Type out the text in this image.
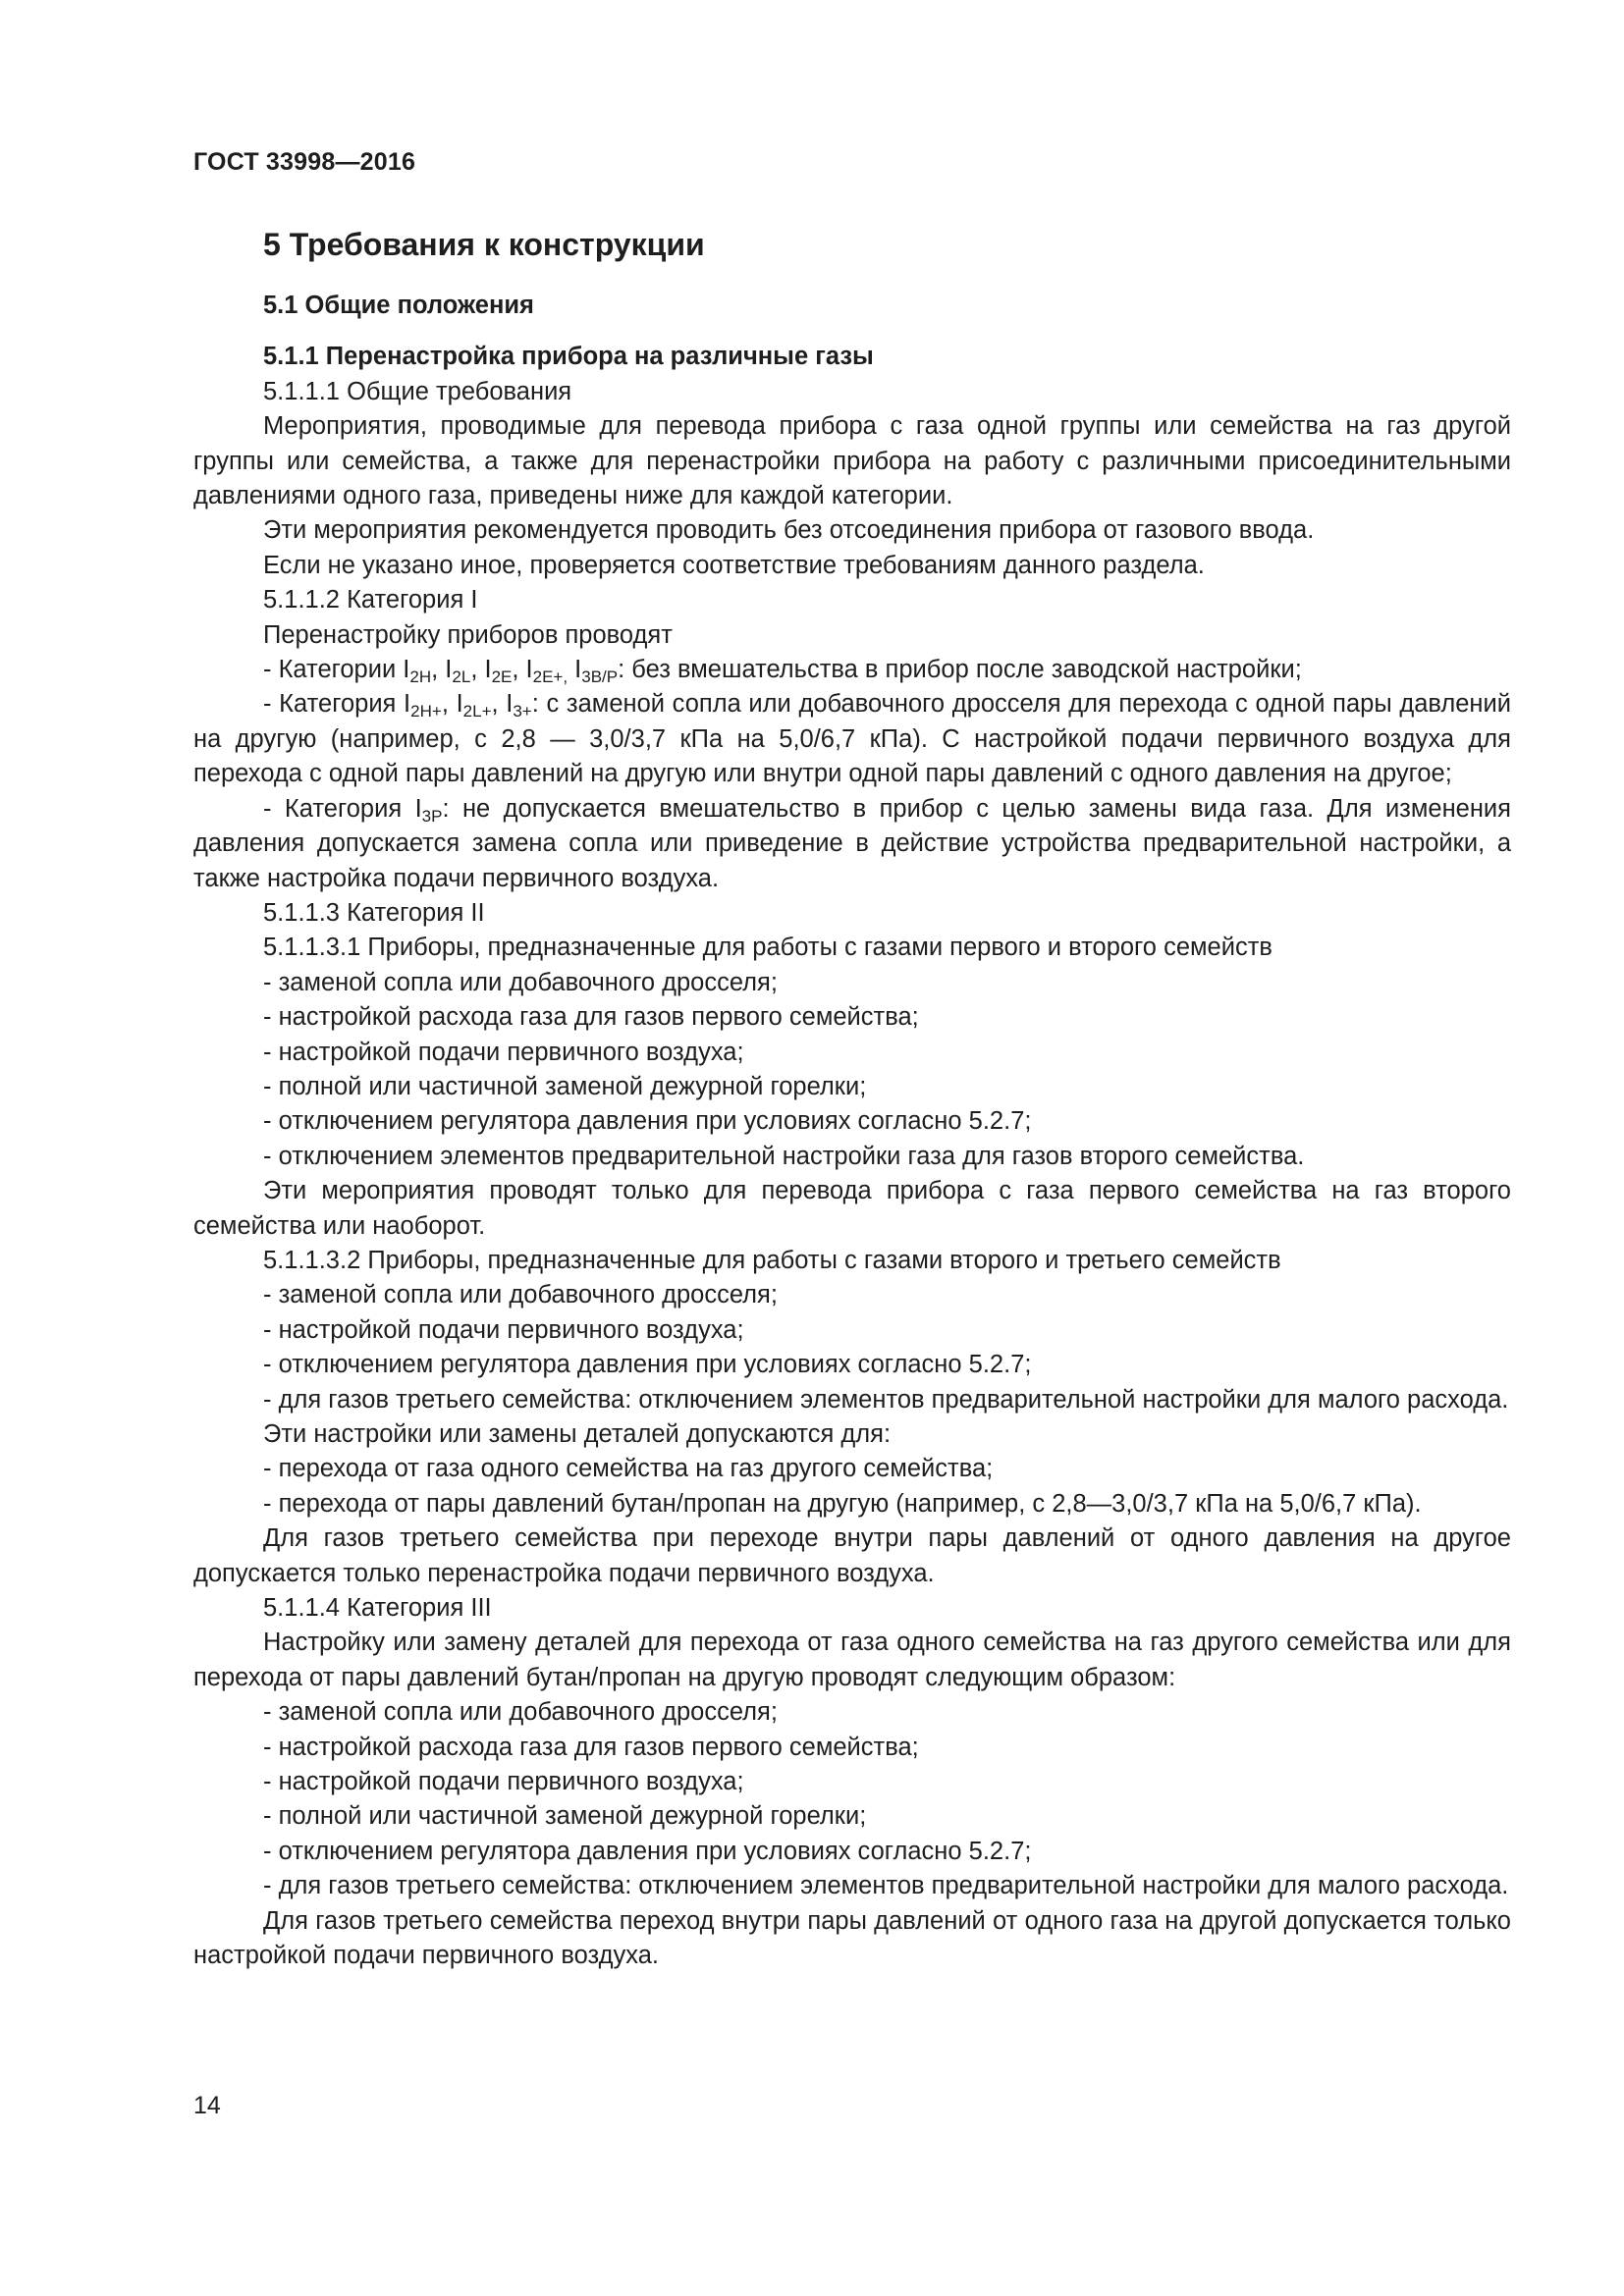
ГОСТ 33998—2016
5 Требования к конструкции
5.1 Общие положения
5.1.1 Перенастройка прибора на различные газы

5.1.1.1 Общие требования

Мероприятия, проводимые для перевода прибора с газа одной группы или семейства на газ другой группы или семейства, а также для перенастройки прибора на работу с различными присоединительными давлениями одного газа, приведены ниже для каждой категории.

Эти мероприятия рекомендуется проводить без отсоединения прибора от газового ввода.

Если не указано иное, проверяется соответствие требованиям данного раздела.

5.1.1.2 Категория I

Перенастройку приборов проводят

- Категории $I_{2H}$, $I_{2L}$, $I_{2E}$, $I_{2E+,}$ $I_{3B/P}$: без вмешательства в прибор после заводской настройки;

- Категория $I_{2H+}$, $I_{2L+}$, $I_{3+}$: с заменой сопла или добавочного дросселя для перехода с одной пары давлений на другую (например, с 2,8 — 3,0/3,7 кПа на 5,0/6,7 кПа). С настройкой подачи первичного воздуха для перехода с одной пары давлений на другую или внутри одной пары давлений с одного давления на другое;

- Категория $I_{3P}$: не допускается вмешательство в прибор с целью замены вида газа. Для изменения давления допускается замена сопла или приведение в действие устройства предварительной настройки, а также настройка подачи первичного воздуха.

5.1.1.3 Категория II

5.1.1.3.1 Приборы, предназначенные для работы с газами первого и второго семейств

- заменой сопла или добавочного дросселя;

- настройкой расхода газа для газов первого семейства;

- настройкой подачи первичного воздуха;

- полной или частичной заменой дежурной горелки;

- отключением регулятора давления при условиях согласно 5.2.7;

- отключением элементов предварительной настройки газа для газов второго семейства.

Эти мероприятия проводят только для перевода прибора с газа первого семейства на газ второго семейства или наоборот.

5.1.1.3.2 Приборы, предназначенные для работы с газами второго и третьего семейств

- заменой сопла или добавочного дросселя;

- настройкой подачи первичного воздуха;

- отключением регулятора давления при условиях согласно 5.2.7;

- для газов третьего семейства: отключением элементов предварительной настройки для малого расхода.

Эти настройки или замены деталей допускаются для:

- перехода от газа одного семейства на газ другого семейства;

- перехода от пары давлений бутан/пропан на другую (например, с 2,8—3,0/3,7 кПа на 5,0/6,7 кПа).

Для газов третьего семейства при переходе внутри пары давлений от одного давления на другое допускается только перенастройка подачи первичного воздуха.

5.1.1.4 Категория III

Настройку или замену деталей для перехода от газа одного семейства на газ другого семейства или для перехода от пары давлений бутан/пропан на другую проводят следующим образом:

- заменой сопла или добавочного дросселя;

- настройкой расхода газа для газов первого семейства;

- настройкой подачи первичного воздуха;

- полной или частичной заменой дежурной горелки;

- отключением регулятора давления при условиях согласно 5.2.7;

- для газов третьего семейства: отключением элементов предварительной настройки для малого расхода.

Для газов третьего семейства переход внутри пары давлений от одного газа на другой допускается только настройкой подачи первичного воздуха.

14
